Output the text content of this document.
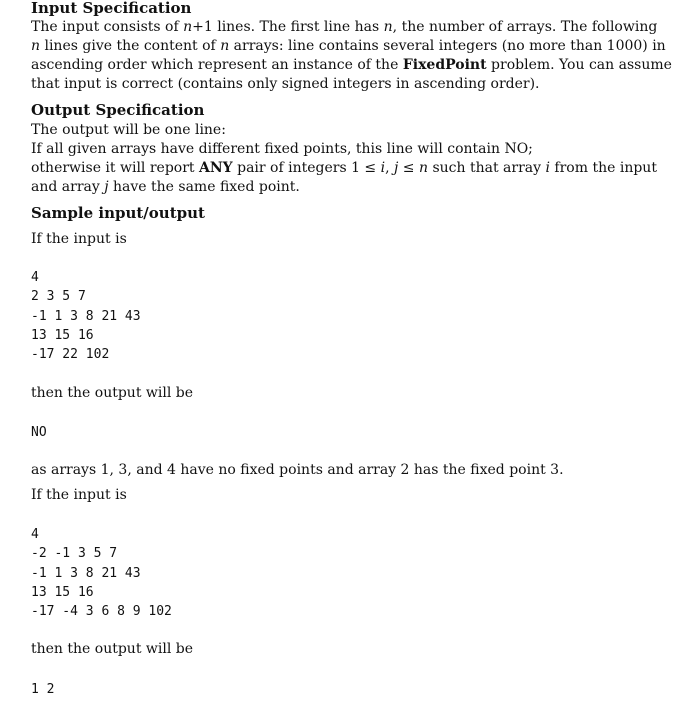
Input Specification
The input consists of n+1 lines. The first line has n, the number of arrays. The following
n lines give the content of n arrays: line contains several integers (no more than 1000) in
ascending order which represent an instance of the FixedPoint problem. You can assume
that input is correct (contains only signed integers in ascending order).
Output Specification
The output will be one line:
If all given arrays have different fixed points, this line will contain NO;
otherwise it will report ANY pair of integers 1 ≤ i, j ≤ n such that array i from the input
and array j have the same fixed point.
Sample input/output
If the input is
4
2 3 5 7
-1 1 3 8 21 43
13 15 16
-17 22 102
then the output will be
NO
as arrays 1, 3, and 4 have no fixed points and array 2 has the fixed point 3.
If the input is
4
-2 -1 3 5 7
-1 1 3 8 21 43
13 15 16
-17 -4 3 6 8 9 102
then the output will be
1 2
